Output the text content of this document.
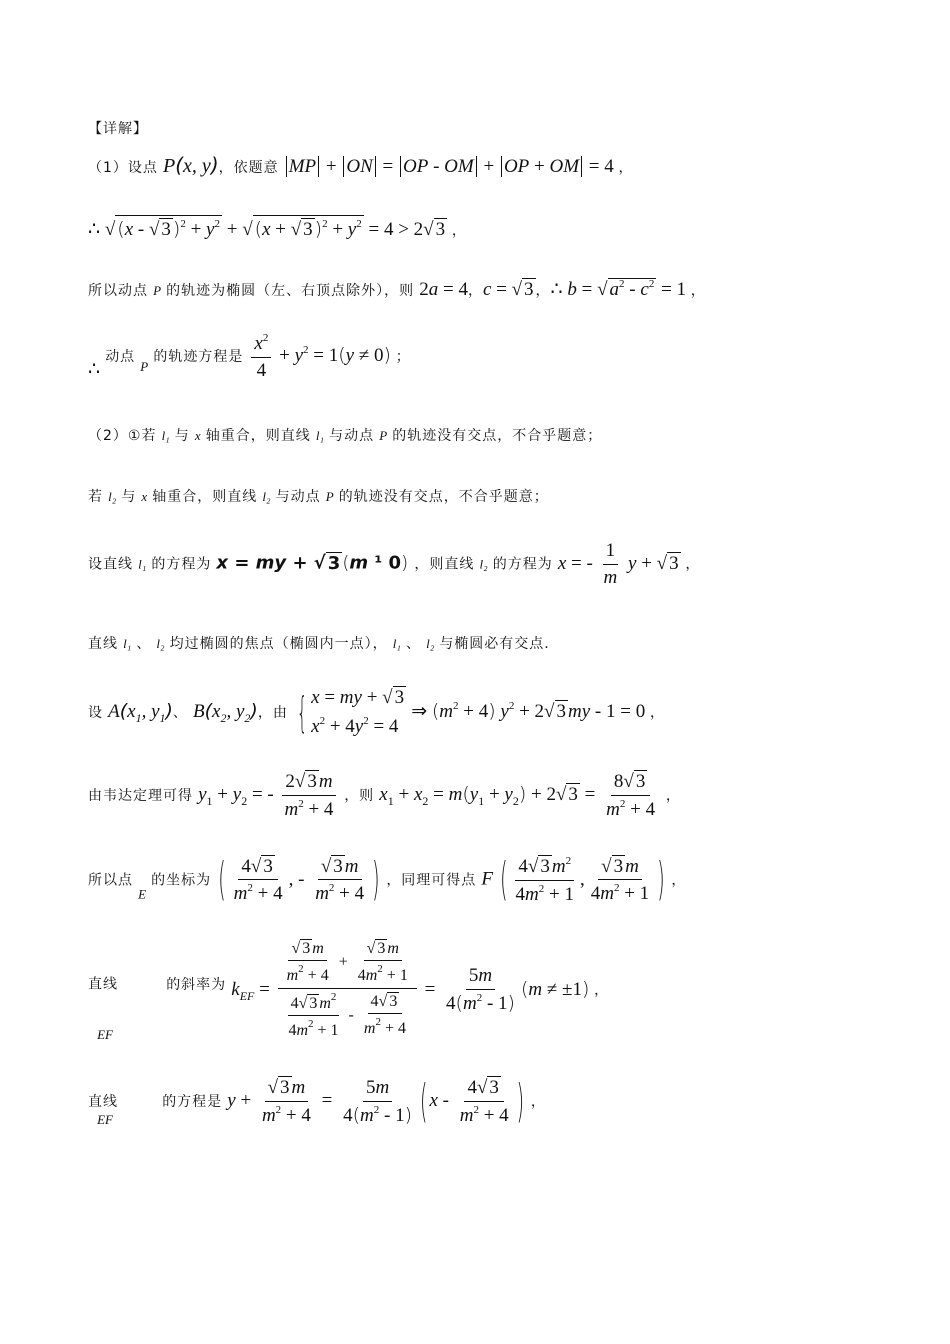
【详解】
（1）设点 P(x, y)，依题意 MP + ON = OP - OM + OP + OM = 4 ，
∴ √ (x - √ 3 )$^2 + y^2$ + √ (x + √ 3 )$^2 + y^2 = 4 > 2√$ 3 ，
所以动点 P 的轨迹为椭圆（左、右顶点除外），则 2a = 4，c = √ 3 ，∴ b = √ $a^2 - c^2 = 1$ ，
∴ 动点 $_P$ 的轨迹方程是 $\frac{x^2}{4} + y^2 = 1(y \ne 0)$ ；
（2）①若 l₁ 与 x 轴重合，则直线 l₁ 与动点 P 的轨迹没有交点，不合乎题意；
若 l₂ 与 x 轴重合，则直线 l₂ 与动点 P 的轨迹没有交点，不合乎题意；
设直线 l₁ 的方程为 x = my + √ 3 (m ¹ 0) ，则直线 l₂ 的方程为 x = - $\frac{1}{m}$ y + √ 3 ，
直线 l₁ 、 l₂ 均过椭圆的焦点（椭圆内一点）， l₁ 、 l₂ 与椭圆必有交点.
设 $A(x_1$, $y_1$)、 $B(x_2$, $y_2$)，由 { x = my + √ 3
$x^2 + 4y^2 = 4$
⇒ $(m^2 + 4) y^2 + 2√$ 3 my - 1 = 0 ，
由韦达定理可得 $y_1 + y_2$ = - $\frac{2√ 3 m}{m^2 + 4}$ ，则 $x_1 + x_2 = m(y_1 + y_2) + 2√$ $3 = \frac{8√ 3}{m^2 + 4}$ ，
所以点 $_E$ 的坐标为 ( $\frac{4√ 3}{m^2 + 4}$ , - $\frac{√ 3 m}{m^2 + 4}$ ) ，同理可得点 F ( $\frac{4√ 3 m^2}{4m^2 + 1}$ , $\frac{√ 3 m}{4m^2 + 1}$ ) ，
直线 EF 的斜率为 $k_{EF} = \frac{\frac{√ 3 m}{m^2 + 4} + \frac{√ 3 m}{4m^2 + 1}}{\frac{4√ 3 m^2}{4m^2 + 1} - \frac{4√ 3}{m^2 + 4}} = \frac{5m}{4(m^2 - 1)} (m \ne \pm 1)$ ，
直线 EF 的方程是 $y + \frac{√ 3 m}{m^2 + 4} = \frac{5m}{4(m^2 - 1)}$ ( x - $\frac{4√ 3}{m^2 + 4}$ ) ，
